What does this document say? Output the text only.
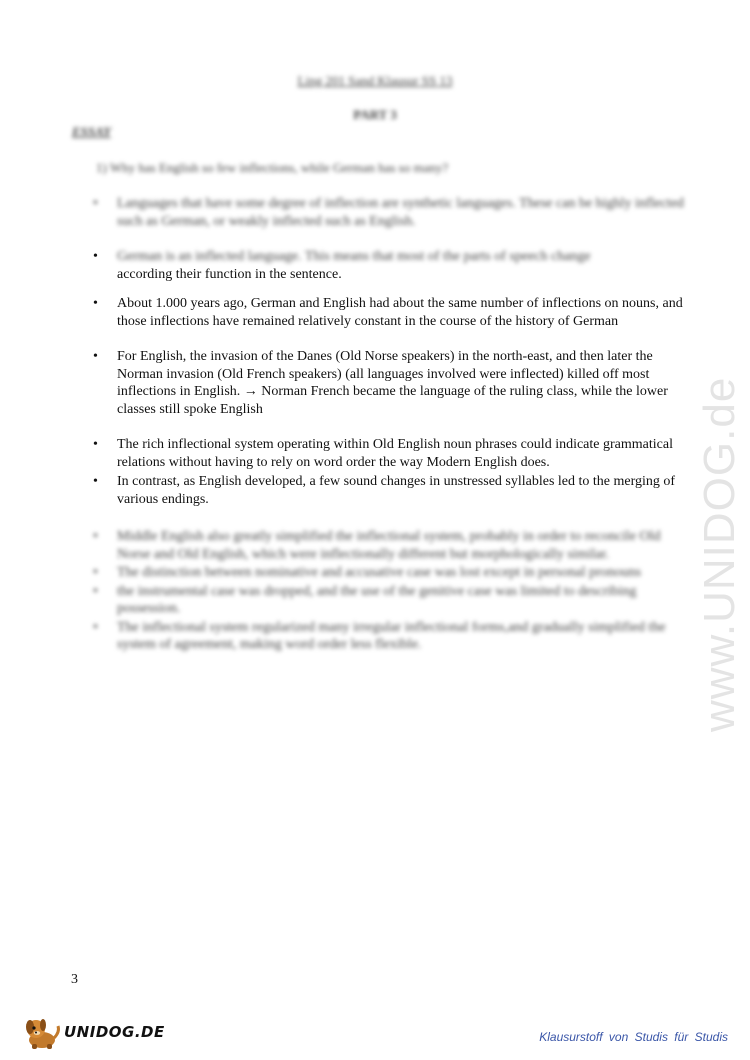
Ling 201 Sand Klausur SS 13
PART 3
ESSAY
1) Why has English so few inflections, while German has so many?
• Languages that have some degree of inflection are synthetic languages. These can be highly inflected such as German, or weakly inflected such as English.
• German is an inflected language. This means that most of the parts of speech change
according their function in the sentence.
• About 1.000 years ago, German and English had about the same number of inflections on nouns, and those inflections have remained relatively constant in the course of the history of German
• For English, the invasion of the Danes (Old Norse speakers) in the north-east, and then later the Norman invasion (Old French speakers) (all languages involved were inflected) killed off most inflections in English. → Norman French became the language of the ruling class, while the lower classes still spoke English
• The rich inflectional system operating within Old English noun phrases could indicate grammatical relations without having to rely on word order the way Modern English does.
• In contrast, as English developed, a few sound changes in unstressed syllables led to the merging of various endings.
• Middle English also greatly simplified the inflectional system, probably in order to reconcile Old Norse and Old English, which were inflectionally different but morphologically similar.
• The distinction between nominative and accusative case was lost except in personal pronouns
• the instrumental case was dropped, and the use of the genitive case was limited to describing possession.
• The inflectional system regularized many irregular inflectional forms,and gradually simplified the system of agreement, making word order less flexible.	www.UNIDOG.de
3
UNIDOG.DE	Klausurstoff von Studis für Studis
